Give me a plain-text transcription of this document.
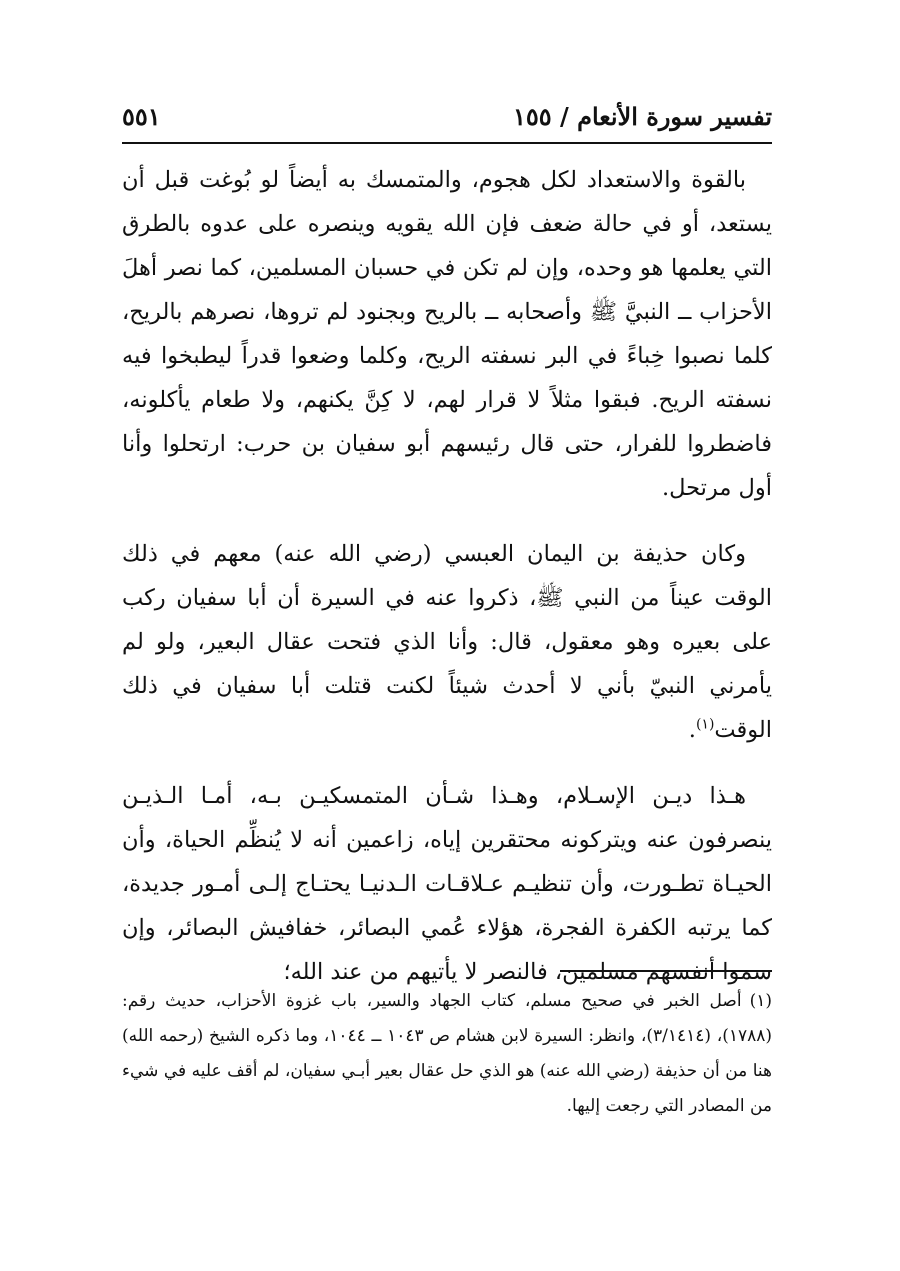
تفسير سورة الأنعام / ١٥٥
٥٥١

بالقوة والاستعداد لكل هجوم، والمتمسك به أيضاً لو بُوغت قبل أن يستعد، أو في حالة ضعف فإن الله يقويه وينصره على عدوه بالطرق التي يعلمها هو وحده، وإن لم تكن في حسبان المسلمين، كما نصر أهلَ الأحزاب ــ النبيَّ ﷺ وأصحابه ــ بالريح وبجنود لم تروها، نصرهم بالريح، كلما نصبوا خِباءً في البر نسفته الريح، وكلما وضعوا قدراً ليطبخوا فيه نسفته الريح. فبقوا مثلاً لا قرار لهم، لا كِنَّ يكنهم، ولا طعام يأكلونه، فاضطروا للفرار، حتى قال رئيسهم أبو سفيان بن حرب: ارتحلوا وأنا أول مرتحل.

وكان حذيفة بن اليمان العبسي (رضي الله عنه) معهم في ذلك الوقت عيناً من النبي ﷺ، ذكروا عنه في السيرة أن أبا سفيان ركب على بعيره وهو معقول، قال: وأنا الذي فتحت عقال البعير، ولو لم يأمرني النبيّ بأني لا أحدث شيئاً لكنت قتلت أبا سفيان في ذلك الوقت$^{(١)}$.

هـذا ديـن الإسـلام، وهـذا شـأن المتمسكيـن بـه، أمـا الـذيـن ينصرفون عنه ويتركونه محتقرين إياه، زاعمين أنه لا يُنظِّم الحياة، وأن الحيـاة تطـورت، وأن تنظيـم عـلاقـات الـدنيـا يحتـاج إلـى أمـور جديدة، كما يرتبه الكفرة الفجرة، هؤلاء عُمي البصائر، خفافيش البصائر، وإن سموا أنفسهم مسلمين، فالنصر لا يأتيهم من عند الله؛

(١)أصل الخبر في صحيح مسلم، كتاب الجهاد والسير، باب غزوة الأحزاب، حديث رقم: (١٧٨٨)، (٣/١٤١٤)، وانظر: السيرة لابن هشام ص ١٠٤٣ ــ ١٠٤٤، وما ذكره الشيخ (رحمه الله) هنا من أن حذيفة (رضي الله عنه) هو الذي حل عقال بعير أبـي سفيان، لم أقف عليه في شيء من المصادر التي رجعت إليها.
